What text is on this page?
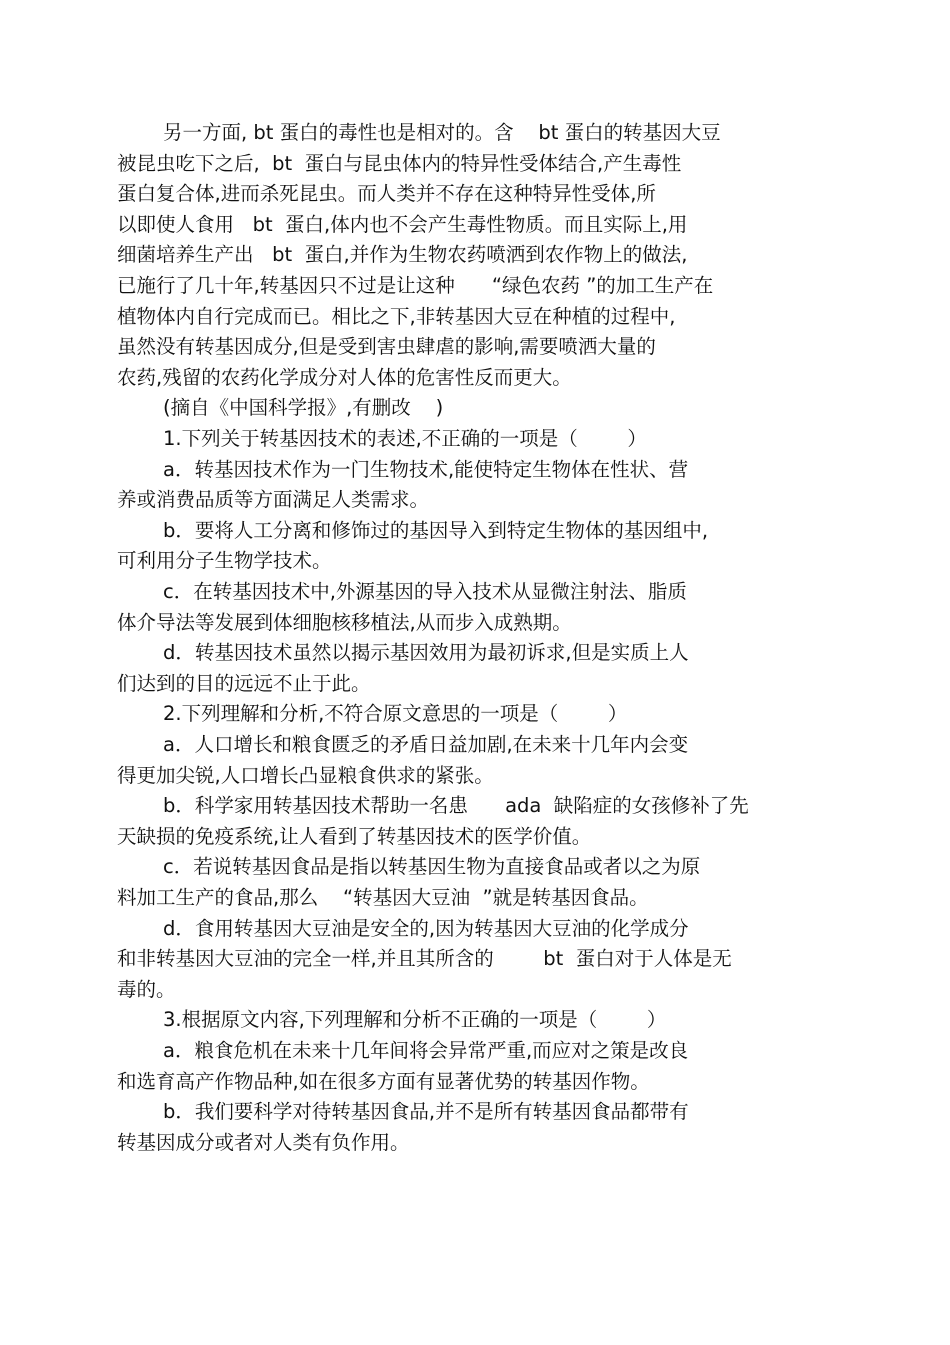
另一方面, bt 蛋白的毒性也是相对的。含    bt 蛋白的转基因大豆
被昆虫吃下之后,  bt  蛋白与昆虫体内的特异性受体结合,产生毒性
蛋白复合体,进而杀死昆虫。而人类并不存在这种特异性受体,所
以即使人食用   bt  蛋白,体内也不会产生毒性物质。而且实际上,用
细菌培养生产出   bt  蛋白,并作为生物农药喷洒到农作物上的做法,
已施行了几十年,转基因只不过是让这种      “绿色农药 ”的加工生产在
植物体内自行完成而已。相比之下,非转基因大豆在种植的过程中,
虽然没有转基因成分,但是受到害虫肆虐的影响,需要喷洒大量的
农药,残留的农药化学成分对人体的危害性反而更大。
(摘自《中国科学报》,有删改    )
1.下列关于转基因技术的表述,不正确的一项是（        ）
a．转基因技术作为一门生物技术,能使特定生物体在性状、营
养或消费品质等方面满足人类需求。
b．要将人工分离和修饰过的基因导入到特定生物体的基因组中,
可利用分子生物学技术。
c．在转基因技术中,外源基因的导入技术从显微注射法、脂质
体介导法等发展到体细胞核移植法,从而步入成熟期。
d．转基因技术虽然以揭示基因效用为最初诉求,但是实质上人
们达到的目的远远不止于此。
2.下列理解和分析,不符合原文意思的一项是（        ）
a．人口增长和粮食匮乏的矛盾日益加剧,在未来十几年内会变
得更加尖锐,人口增长凸显粮食供求的紧张。
b．科学家用转基因技术帮助一名患      ada  缺陷症的女孩修补了先
天缺损的免疫系统,让人看到了转基因技术的医学价值。
c．若说转基因食品是指以转基因生物为直接食品或者以之为原
料加工生产的食品,那么    “转基因大豆油  ”就是转基因食品。
d．食用转基因大豆油是安全的,因为转基因大豆油的化学成分
和非转基因大豆油的完全一样,并且其所含的        bt  蛋白对于人体是无
毒的。
3.根据原文内容,下列理解和分析不正确的一项是（        ）
a．粮食危机在未来十几年间将会异常严重,而应对之策是改良
和选育高产作物品种,如在很多方面有显著优势的转基因作物。
b．我们要科学对待转基因食品,并不是所有转基因食品都带有
转基因成分或者对人类有负作用。
